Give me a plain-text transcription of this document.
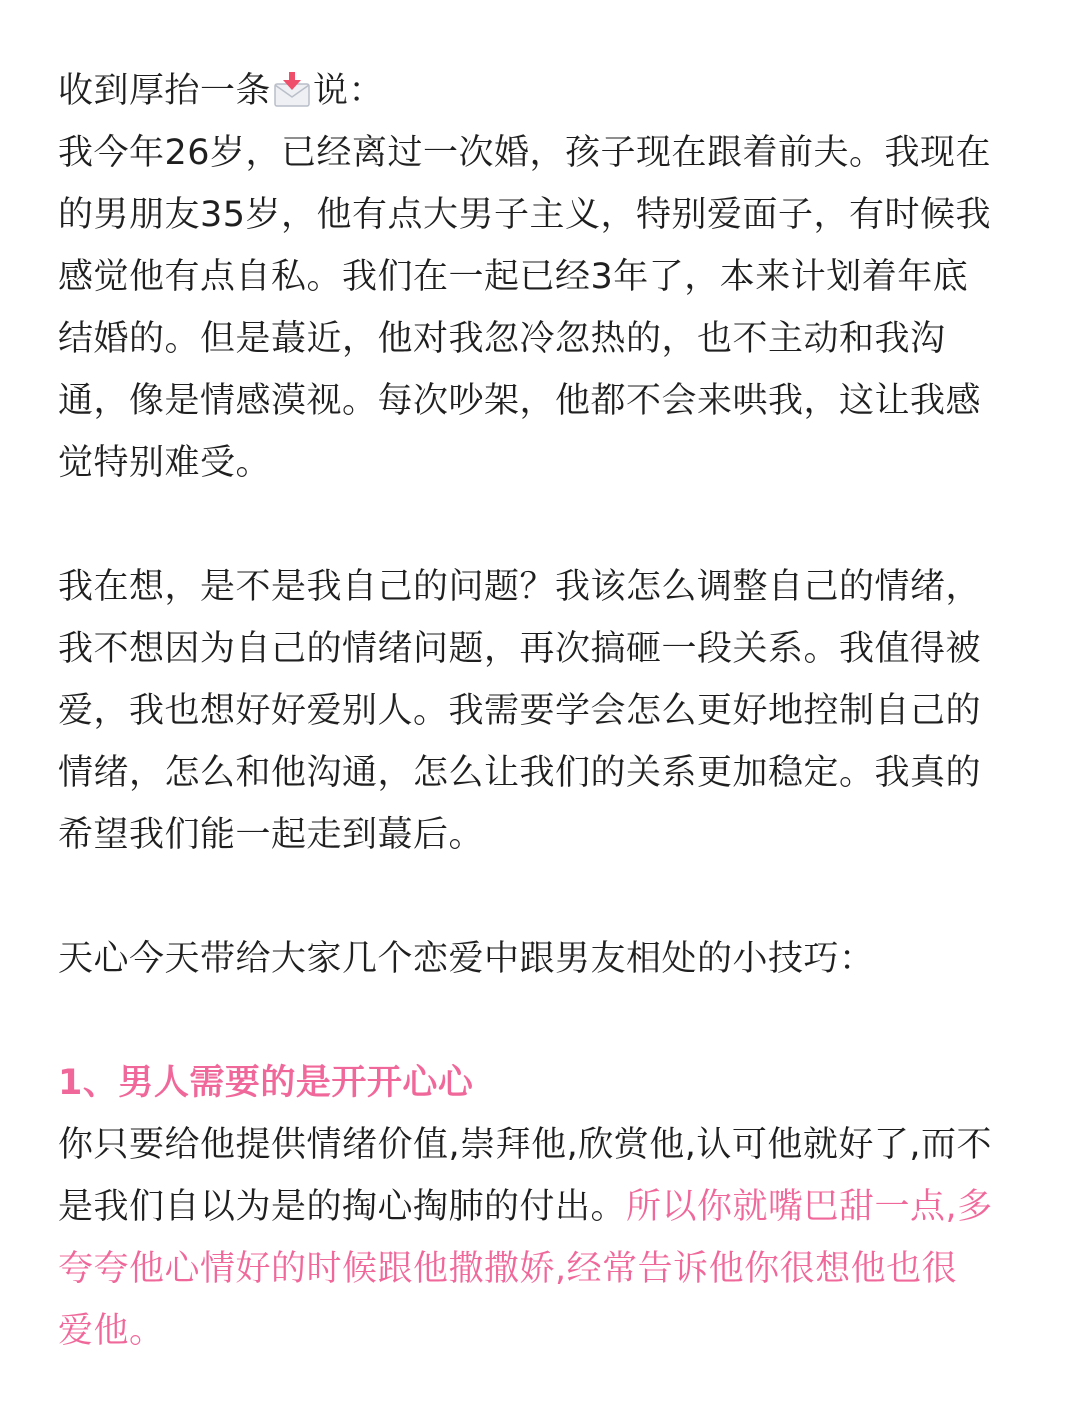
收到厚抬一条 说：
我今年26岁，已经离过一次婚，孩子现在跟着前夫。我现在
的男朋友35岁，他有点大男子主义，特别爱面子，有时候我
感觉他有点自私。我们在一起已经3年了，本来计划着年底
结婚的。但是蕞近，他对我忽冷忽热的，也不主动和我沟
通，像是情感漠视。每次吵架，他都不会来哄我，这让我感
觉特别难受。
我在想，是不是我自己的问题？我该怎么调整自己的情绪，
我不想因为自己的情绪问题，再次搞砸一段关系。我值得被
爱，我也想好好爱别人。我需要学会怎么更好地控制自己的
情绪，怎么和他沟通，怎么让我们的关系更加稳定。我真的
希望我们能一起走到蕞后。
天心今天带给大家几个恋爱中跟男友相处的小技巧：
1、男人需要的是开开心心
你只要给他提供情绪价值,崇拜他,欣赏他,认可他就好了,而不
是我们自以为是的掏心掏肺的付出。所以你就嘴巴甜一点,多
夸夸他心情好的时候跟他撒撒娇,经常告诉他你很想他也很
爱他。
